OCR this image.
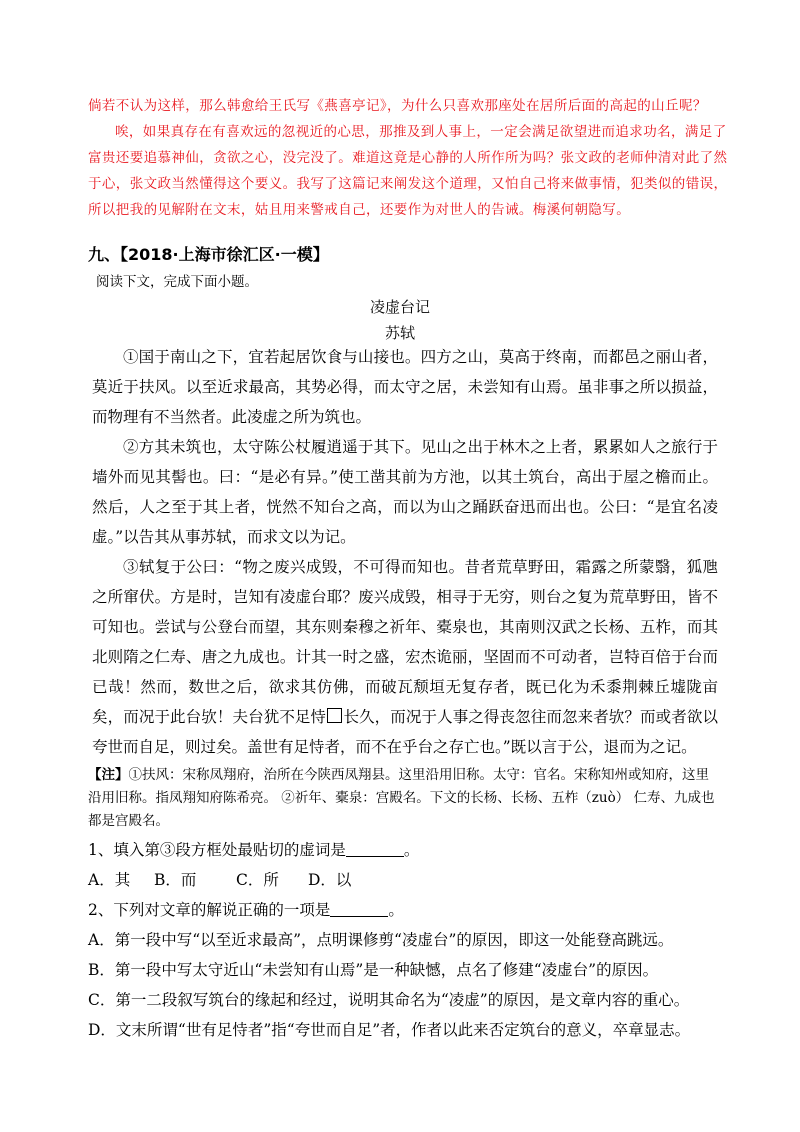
倘若不认为这样，那么韩愈给王氏写《燕喜亭记》，为什么只喜欢那座处在居所后面的高起的山丘呢？

唉，如果真存在有喜欢远的忽视近的心思，那推及到人事上，一定会满足欲望进而追求功名，满足了富贵还要追慕神仙，贪欲之心，没完没了。难道这竟是心静的人所作所为吗？张文政的老师仲清对此了然于心，张文政当然懂得这个要义。我写了这篇记来阐发这个道理，又怕自己将来做事情，犯类似的错误，所以把我的见解附在文末，姑且用来警戒自己，还要作为对世人的告诫。梅溪何朝隐写。

九、【2018·上海市徐汇区·一模】
阅读下文，完成下面小题。
凌虚台记
苏轼

①国于南山之下，宜若起居饮食与山接也。四方之山，莫高于终南，而都邑之丽山者，莫近于扶风。以至近求最高，其势必得，而太守之居，未尝知有山焉。虽非事之所以损益，而物理有不当然者。此凌虚之所为筑也。

②方其未筑也，太守陈公杖履逍遥于其下。见山之出于林木之上者，累累如人之旅行于墙外而见其髻也。曰：“是必有异。”使工凿其前为方池，以其土筑台，高出于屋之檐而止。然后，人之至于其上者，恍然不知台之高，而以为山之踊跃奋迅而出也。公曰：“是宜名凌虚。”以告其从事苏轼，而求文以为记。

③轼复于公曰：“物之废兴成毁，不可得而知也。昔者荒草野田，霜露之所蒙翳，狐虺之所窜伏。方是时，岂知有凌虚台耶？废兴成毁，相寻于无穷，则台之复为荒草野田，皆不可知也。尝试与公登台而望，其东则秦穆之祈年、橐泉也，其南则汉武之长杨、五柞，而其北则隋之仁寿、唐之九成也。计其一时之盛，宏杰诡丽，坚固而不可动者，岂特百倍于台而已哉！然而，数世之后，欲求其仿佛，而破瓦颓垣无复存者，既已化为禾黍荆棘丘墟陇亩矣，而况于此台欤！夫台犹不足恃 长久，而况于人事之得丧忽往而忽来者欤？而或者欲以夸世而自足，则过矣。盖世有足恃者，而不在乎台之存亡也。”既以言于公，退而为之记。

【注】①扶风：宋称凤翔府，治所在今陕西凤翔县。这里沿用旧称。太守：官名。宋称知州或知府，这里沿用旧称。指凤翔知府陈希亮。 ②祈年、橐泉：宫殿名。下文的长杨、长杨、五柞（zuò） 仁寿、九成也都是宫殿名。

1、填入第③段方框处最贴切的虚词是	。

A．其 B．而	C．所 D．以

2、下列对文章的解说正确的一项是	。

A．第一段中写“以至近求最高”，点明课修剪“凌虚台”的原因，即这一处能登高跳远。

B．第一段中写太守近山“未尝知有山焉”是一种缺憾，点名了修建“凌虚台”的原因。

C．第一二段叙写筑台的缘起和经过，说明其命名为“凌虚”的原因，是文章内容的重心。

D．文末所谓“世有足恃者”指“夸世而自足”者，作者以此来否定筑台的意义，卒章显志。
